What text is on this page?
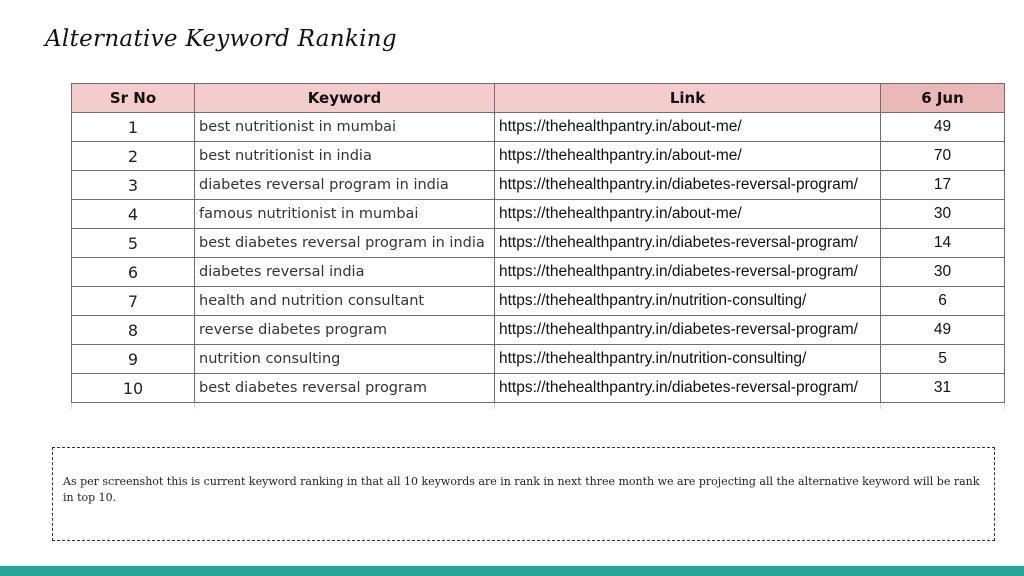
Alternative Keyword Ranking
Sr No	Keyword	Link	6 Jun
1	best nutritionist in mumbai	https://thehealthpantry.in/about-me/	49
2	best nutritionist in india	https://thehealthpantry.in/about-me/	70
3	diabetes reversal program in india	https://thehealthpantry.in/diabetes-reversal-program/	17
4	famous nutritionist in mumbai	https://thehealthpantry.in/about-me/	30
5	best diabetes reversal program in india	https://thehealthpantry.in/diabetes-reversal-program/	14
6	diabetes reversal india	https://thehealthpantry.in/diabetes-reversal-program/	30
7	health and nutrition consultant	https://thehealthpantry.in/nutrition-consulting/	6
8	reverse diabetes program	https://thehealthpantry.in/diabetes-reversal-program/	49
9	nutrition consulting	https://thehealthpantry.in/nutrition-consulting/	5
10	best diabetes reversal program	https://thehealthpantry.in/diabetes-reversal-program/	31

As per screenshot this is current keyword ranking in that all 10 keywords are in rank in next three month we are projecting all the alternative keyword will be rank in top 10.
